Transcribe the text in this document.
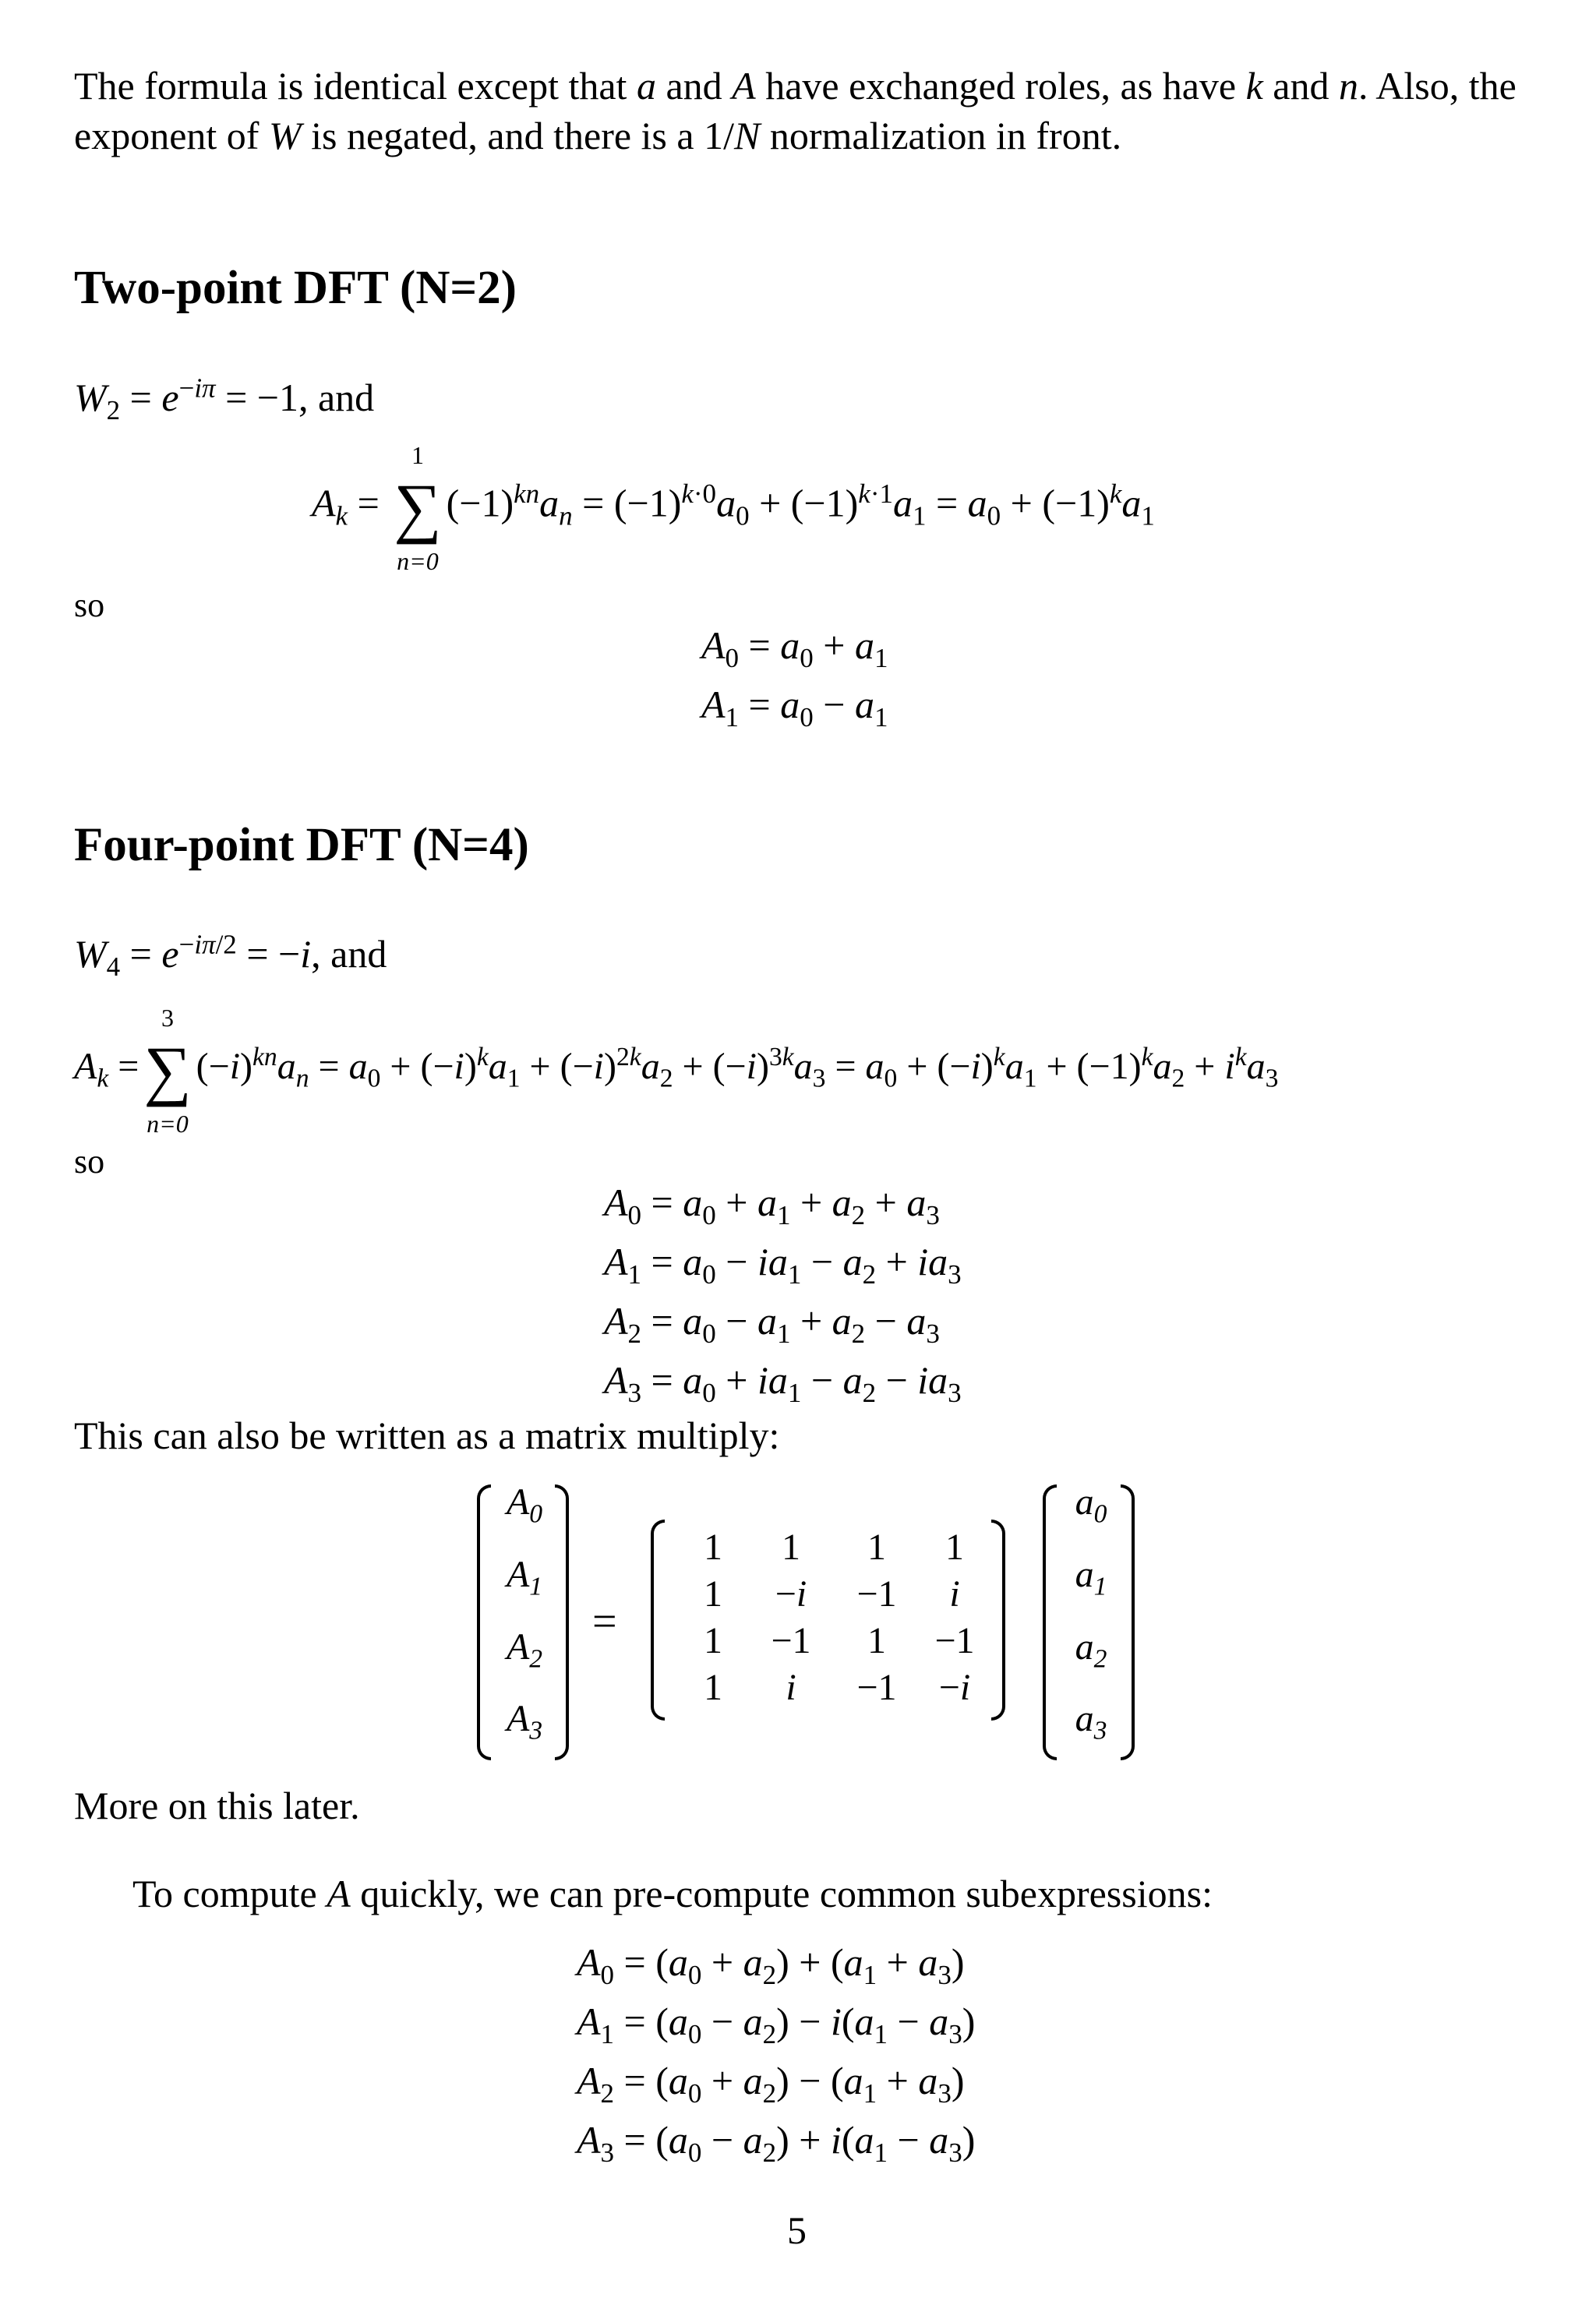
The formula is identical except that a and A have exchanged roles, as have k and n. Also, the exponent of W is negated, and there is a 1/N normalization in front.
Two-point DFT (N=2)
$W_2 = e^{-i\pi} = -1$, and
$A_k$ = ∑
1
n=0
$(-1)^{kn}a_n = (-1)^{k\cdot 0}a_0 + (-1)^{k\cdot 1}a_1 = a_0 + (-1)^ka_1$
so
$A_0 = a_0 + a_1$
$A_1 = a_0 - a_1$
Four-point DFT (N=4)
$W_4 = e^{-i\pi/2} = -i$, and
$A_k$ =∑
3
n=0
$(-i)^{kn}a_n = a_0 + (-i)^ka_1 + (-i)^{2k}a_2 + (-i)^{3k}a_3 = a_0 + (-i)^ka_1 + (-1)^ka_2 + i^ka_3$
so
$A_0 = a_0 + a_1 + a_2 + a_3$
$A_1 = a_0 - ia_1 - a_2 + ia_3$
$A_2 = a_0 - a_1 + a_2 - a_3$
$A_3 = a_0 + ia_1 - a_2 - ia_3$
This can also be written as a matrix multiply:
$A_0$
$A_1$
$A_2$
$A_3$
=
1	1	1	1
1	−i	−1	i
1	−1	1	−1
1	i	−1	−i
$a_0$
$a_1$
$a_2$
$a_3$
More on this later.
To compute A quickly, we can pre-compute common subexpressions:
$A_0 = (a_0 + a_2) + (a_1 + a_3)$
$A_1 = (a_0 - a_2) - i(a_1 - a_3)$
$A_2 = (a_0 + a_2) - (a_1 + a_3)$
$A_3 = (a_0 - a_2) + i(a_1 - a_3)$
5
